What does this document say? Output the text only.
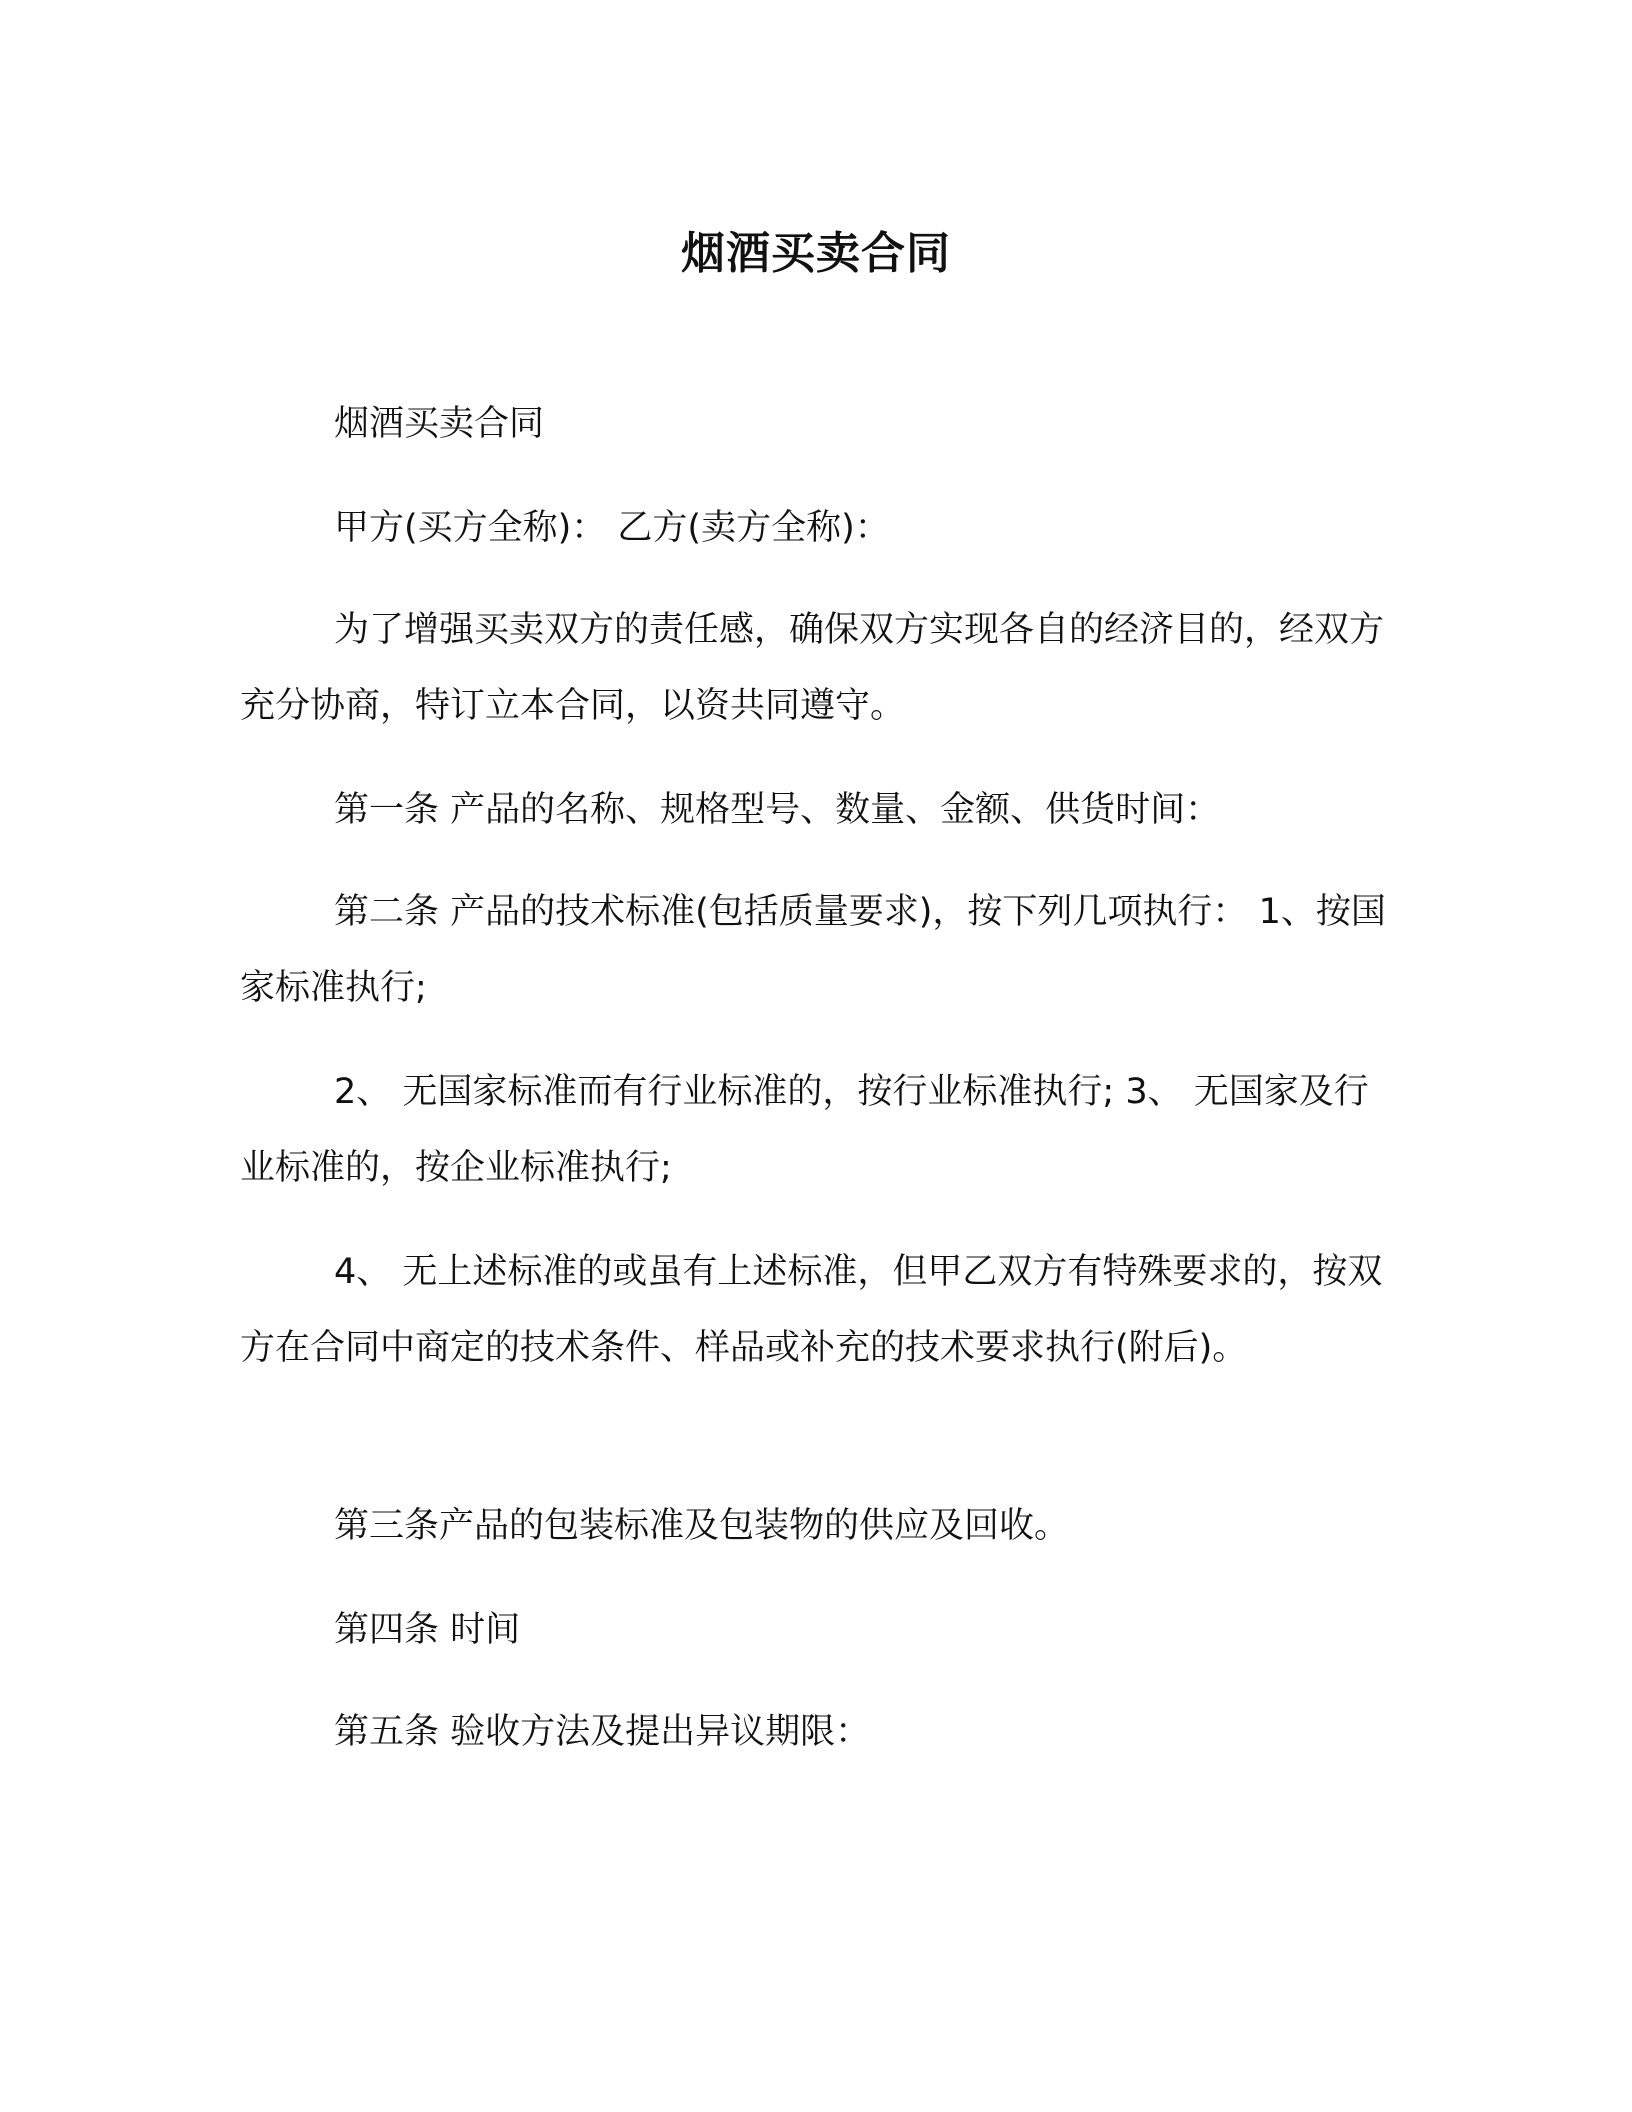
烟酒买卖合同
烟酒买卖合同
甲方(买方全称)： 乙方(卖方全称)：
为了增强买卖双方的责任感，确保双方实现各自的经济目的，经双方充分协商，特订立本合同，以资共同遵守。
第一条 产品的名称、规格型号、数量、金额、供货时间：
第二条 产品的技术标准(包括质量要求)，按下列几项执行： 1、按国家标准执行;
2、 无国家标准而有行业标准的，按行业标准执行; 3、 无国家及行业标准的，按企业标准执行;
4、 无上述标准的或虽有上述标准，但甲乙双方有特殊要求的，按双方在合同中商定的技术条件、样品或补充的技术要求执行(附后)。
第三条产品的包装标准及包装物的供应及回收。
第四条 时间
第五条 验收方法及提出异议期限：
